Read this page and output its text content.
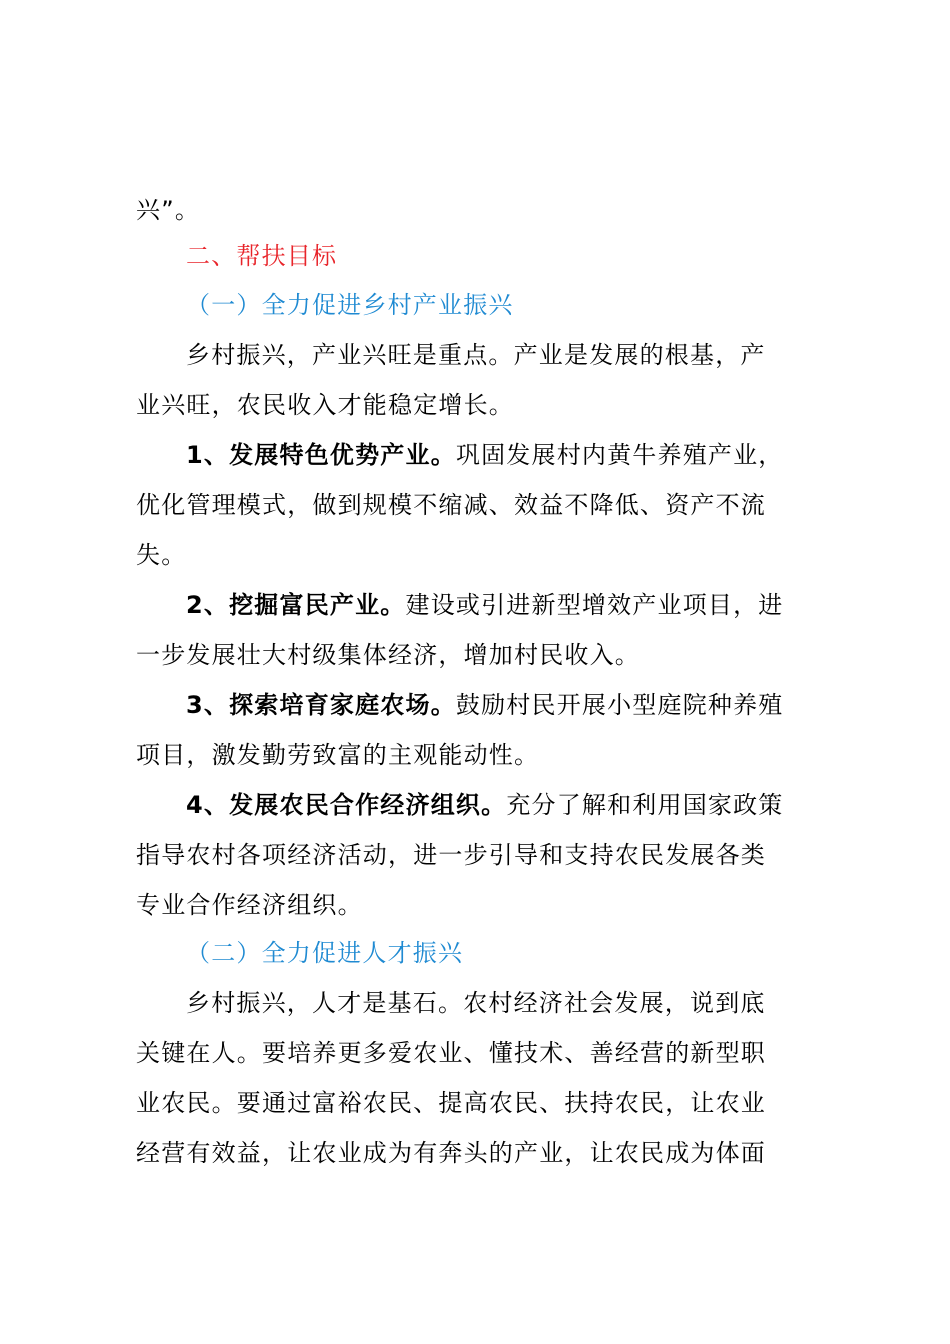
兴”。
二、帮扶目标
（一）全力促进乡村产业振兴
乡村振兴，产业兴旺是重点。产业是发展的根基，产
业兴旺，农民收入才能稳定增长。
1、发展特色优势产业。巩固发展村内黄牛养殖产业，
优化管理模式，做到规模不缩减、效益不降低、资产不流
失。
2、挖掘富民产业。建设或引进新型增效产业项目，进
一步发展壮大村级集体经济，增加村民收入。
3、探索培育家庭农场。鼓励村民开展小型庭院种养殖
项目，激发勤劳致富的主观能动性。
4、发展农民合作经济组织。充分了解和利用国家政策
指导农村各项经济活动，进一步引导和支持农民发展各类
专业合作经济组织。
（二）全力促进人才振兴
乡村振兴，人才是基石。农村经济社会发展，说到底
关键在人。要培养更多爱农业、懂技术、善经营的新型职
业农民。要通过富裕农民、提高农民、扶持农民，让农业
经营有效益，让农业成为有奔头的产业，让农民成为体面
